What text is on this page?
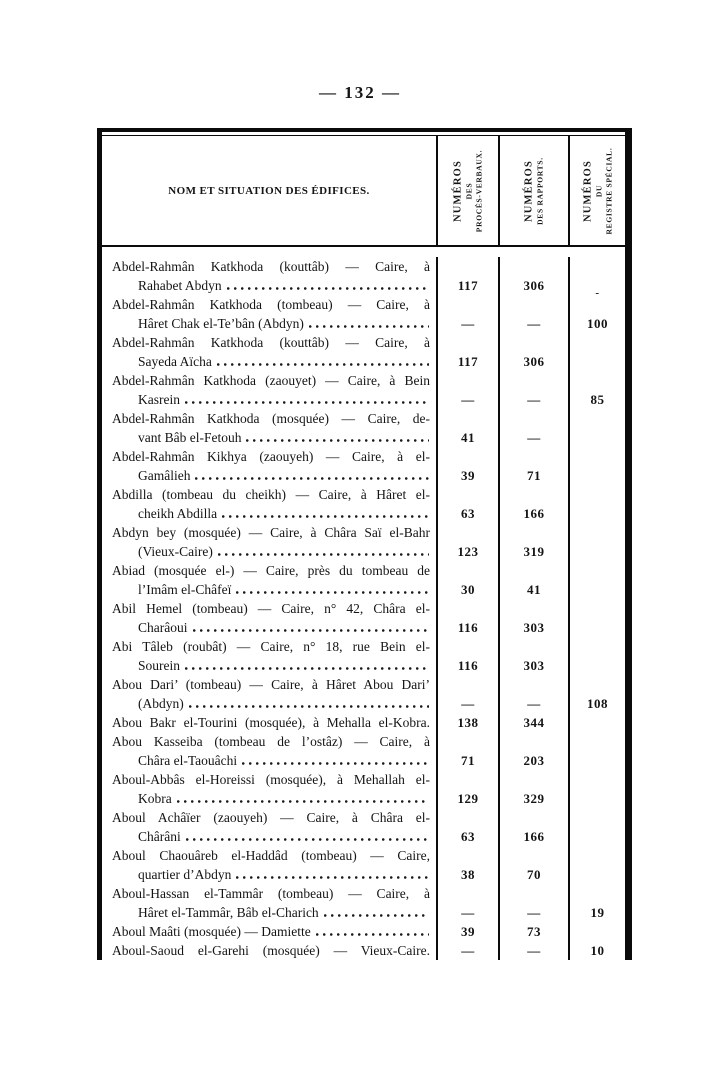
— 132 —
NOM ET SITUATION DES ÉDIFICES.	NUMÉROS DES PROCÈS-VERBAUX.	NUMÉROS DES RAPPORTS.	NUMÉROS DU REGISTRE SPÉCIAL.
Abdel-Rahmân Katkhoda (kouttâb) — Caire, à
Rahabet Abdyn	117	306	-
Abdel-Rahmân Katkhoda (tombeau) — Caire, à
Hâret Chak el-Te’bân (Abdyn)	—	—	100
Abdel-Rahmân Katkhoda (kouttâb) — Caire, à
Sayeda Aïcha	117	306
Abdel-Rahmân Katkhoda (zaouyet) — Caire, à Bein
Kasrein	—	—	85
Abdel-Rahmân Katkhoda (mosquée) — Caire, de-
vant Bâb el-Fetouh	41	—
Abdel-Rahmân Kikhya (zaouyeh) — Caire, à el-
Gamâlieh	39	71
Abdilla (tombeau du cheikh) — Caire, à Hâret el-
cheikh Abdilla	63	166
Abdyn bey (mosquée) — Caire, à Châra Saï el-Bahr
(Vieux-Caire)	123	319
Abiad (mosquée el-) — Caire, près du tombeau de
l’Imâm el-Châfeï	30	41
Abil Hemel (tombeau) — Caire, n° 42, Châra el-
Charâoui	116	303
Abi Tâleb (roubât) — Caire, n° 18, rue Bein el-
Sourein	116	303
Abou Dari’ (tombeau) — Caire, à Hâret Abou Dari’
(Abdyn)	—	—	108
Abou Bakr el-Tourini (mosquée), à Mehalla el-Kobra. 138	344
Abou Kasseiba (tombeau de l’ostâz) — Caire, à
Châra el-Taouâchi	71	203
Aboul-Abbâs el-Horeissi (mosquée), à Mehallah el-
Kobra	129	329
Aboul Achâïer (zaouyeh) — Caire, à Châra el-
Chârâni	63	166
Aboul Chaouâreb el-Haddâd (tombeau) — Caire,
quartier d’Abdyn	38	70
Aboul-Hassan el-Tammâr (tombeau) — Caire, à
Hâret el-Tammâr, Bâb el-Charich	—	—	19
Aboul Maâti (mosquée) — Damiette	39	73
Aboul-Saoud el-Garehi (mosquée) — Vieux-Caire. —	—	10
